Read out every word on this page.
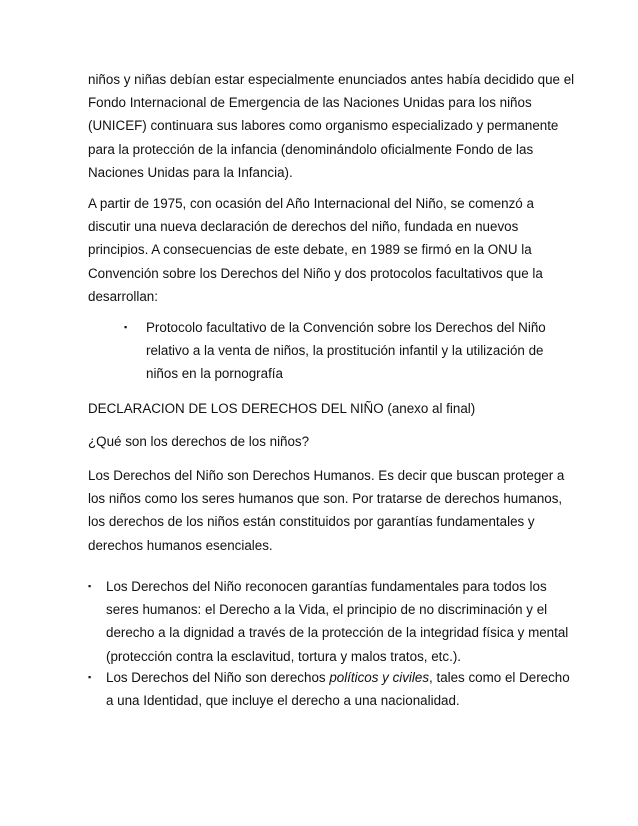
niños y niñas debían estar especialmente enunciados antes había decidido que el
Fondo Internacional de Emergencia de las Naciones Unidas para los niños
(UNICEF) continuara sus labores como organismo especializado y permanente
para la protección de la infancia (denominándolo oficialmente Fondo de las
Naciones Unidas para la Infancia).
A partir de 1975, con ocasión del Año Internacional del Niño, se comenzó a
discutir una nueva declaración de derechos del niño, fundada en nuevos
principios. A consecuencias de este debate, en 1989 se firmó en la ONU la
Convención sobre los Derechos del Niño y dos protocolos facultativos que la
desarrollan:
▪ Protocolo facultativo de la Convención sobre los Derechos del Niño
relativo a la venta de niños, la prostitución infantil y la utilización de
niños en la pornografía
DECLARACION DE LOS DERECHOS DEL NIÑO (anexo al final)
¿Qué son los derechos de los niños?
Los Derechos del Niño son Derechos Humanos. Es decir que buscan proteger a
los niños como los seres humanos que son. Por tratarse de derechos humanos,
los derechos de los niños están constituidos por garantías fundamentales y
derechos humanos esenciales.
▪ Los Derechos del Niño reconocen garantías fundamentales para todos los
seres humanos: el Derecho a la Vida, el principio de no discriminación y el
derecho a la dignidad a través de la protección de la integridad física y mental
(protección contra la esclavitud, tortura y malos tratos, etc.).
▪ Los Derechos del Niño son derechos políticos y civiles, tales como el Derecho
a una Identidad, que incluye el derecho a una nacionalidad.
